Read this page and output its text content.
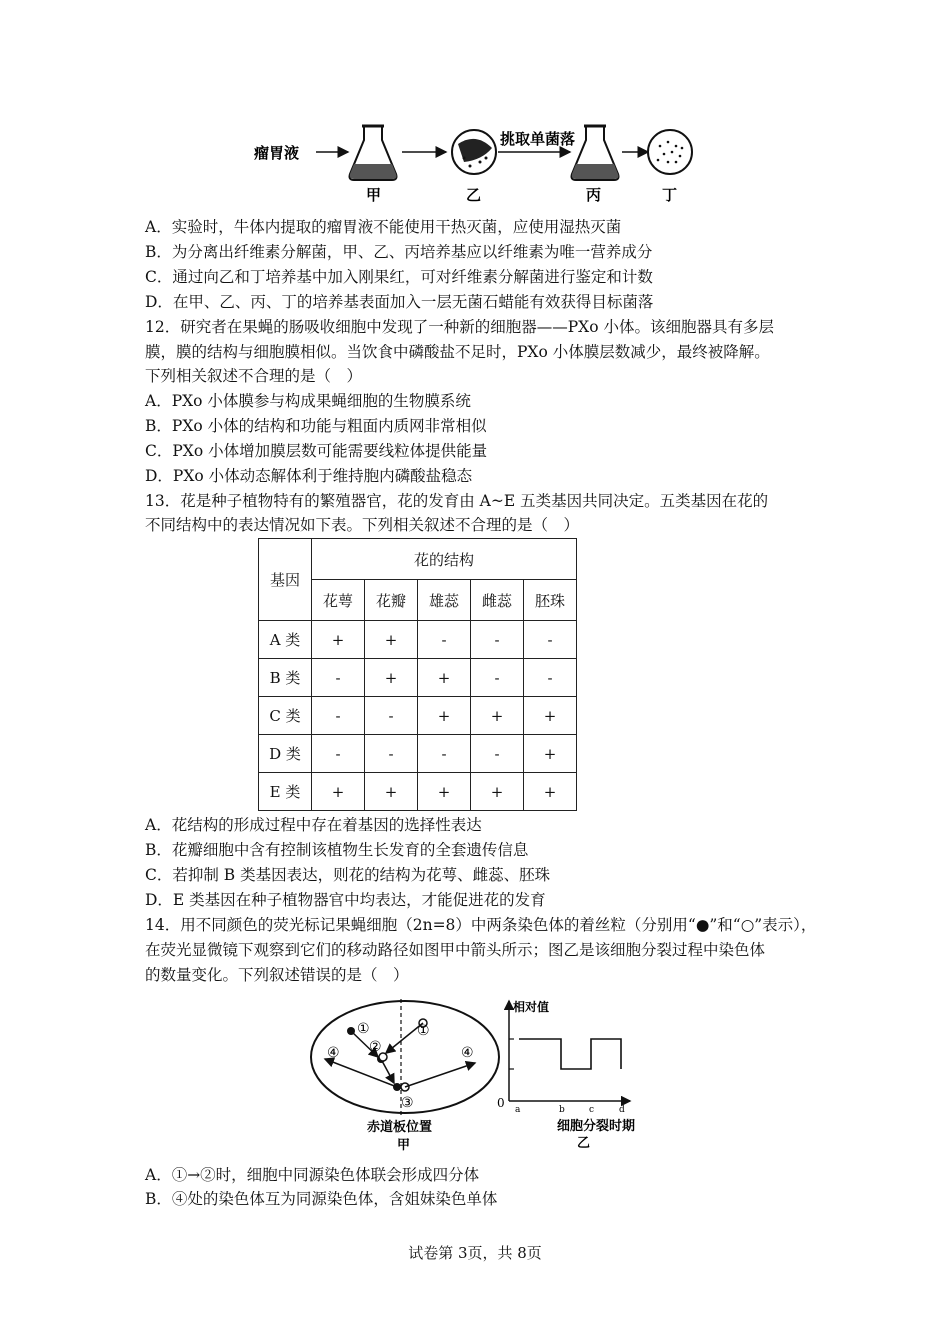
瘤胃液
甲	乙
挑取单菌落
丙	丁
A．实验时，牛体内提取的瘤胃液不能使用干热灭菌，应使用湿热灭菌
B．为分离出纤维素分解菌，甲、乙、丙培养基应以纤维素为唯一营养成分
C．通过向乙和丁培养基中加入刚果红，可对纤维素分解菌进行鉴定和计数
D．在甲、乙、丙、丁的培养基表面加入一层无菌石蜡能有效获得目标菌落
12．研究者在果蝇的肠吸收细胞中发现了一种新的细胞器——PXo 小体。该细胞器具有多层
膜，膜的结构与细胞膜相似。当饮食中磷酸盐不足时，PXo 小体膜层数减少，最终被降解。
下列相关叙述不合理的是（　）
A．PXo 小体膜参与构成果蝇细胞的生物膜系统
B．PXo 小体的结构和功能与粗面内质网非常相似
C．PXo 小体增加膜层数可能需要线粒体提供能量
D．PXo 小体动态解体利于维持胞内磷酸盐稳态
13．花是种子植物特有的繁殖器官，花的发育由 A~E 五类基因共同决定。五类基因在花的
不同结构中的表达情况如下表。下列相关叙述不合理的是（　）
基因	花的结构				
	花萼	花瓣	雄蕊	雌蕊	胚珠
A 类	+	+	-	-	-
B 类	-	+	+	-	-
C 类	-	-	+	+	+
D 类	-	-	-	-	+
E 类	+	+	+	+	+
A．花结构的形成过程中存在着基因的选择性表达
B．花瓣细胞中含有控制该植物生长发育的全套遗传信息
C．若抑制 B 类基因表达，则花的结构为花萼、雌蕊、胚珠
D．E 类基因在种子植物器官中均表达，才能促进花的发育
14．用不同颜色的荧光标记果蝇细胞（2n=8）中两条染色体的着丝粒（分别用“●”和“○”表示），
在荧光显微镜下观察到它们的移动路径如图甲中箭头所示；图乙是该细胞分裂过程中染色体
的数量变化。下列叙述错误的是（　）
①
②
③
④
①
④
赤道板位置
甲
相对值
0 a	b	c	d
细胞分裂时期
乙
A．①→②时，细胞中同源染色体联会形成四分体
B．④处的染色体互为同源染色体，含姐妹染色单体
试卷第 3页，共 8页
